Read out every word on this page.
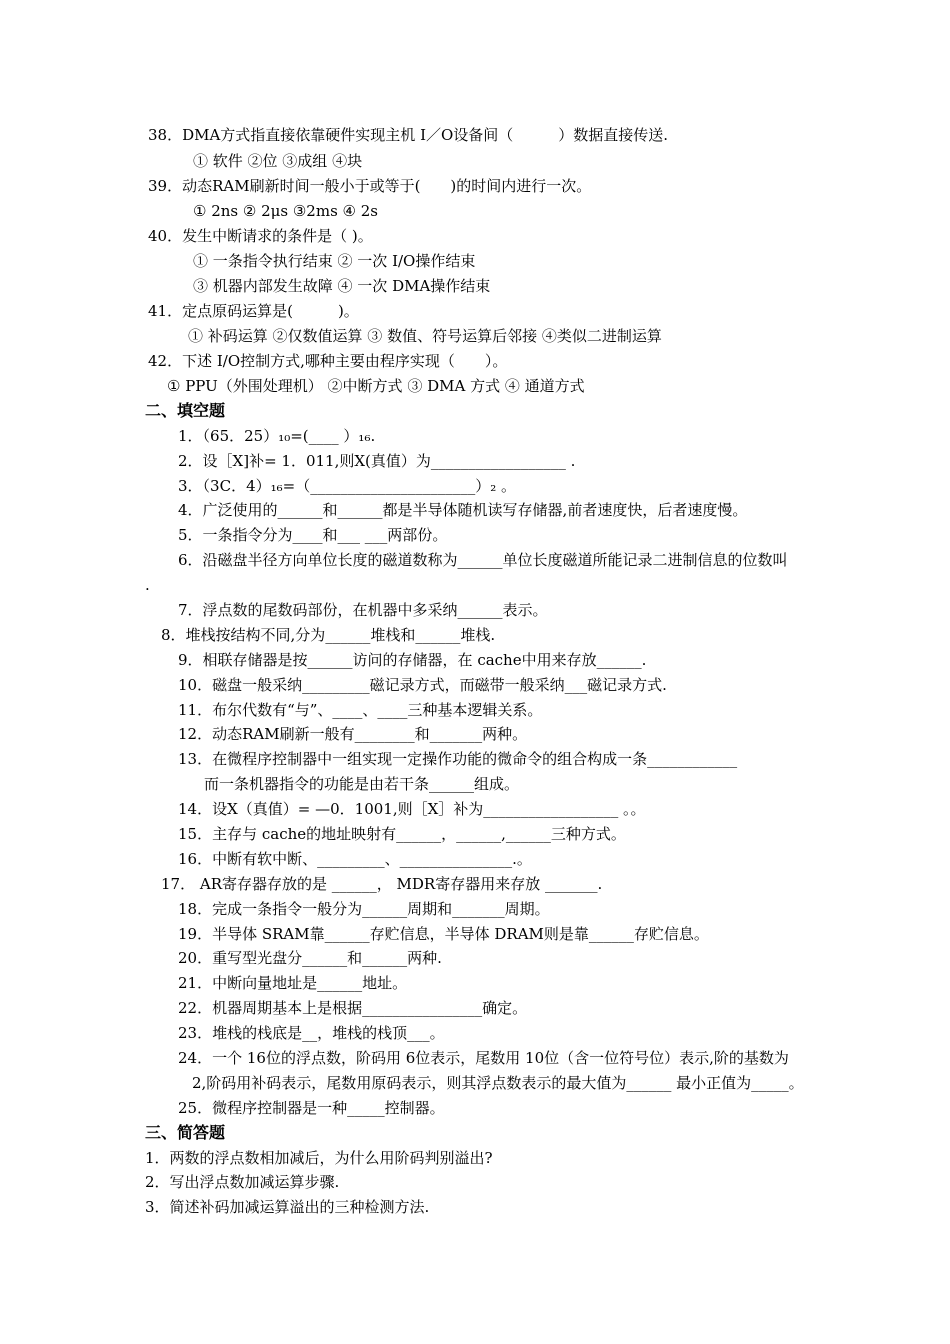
38．DMA方式指直接依靠硬件实现主机 I／O设备间（　　　）数据直接传送.
① 软件 ②位 ③成组 ④块
39．动态RAM刷新时间一般小于或等于(　　)的时间内进行一次。
① 2ns ② 2μs ③2ms ④ 2s
40．发生中断请求的条件是（ )。
① 一条指令执行结束 ② 一次 I/O操作结束
③ 机器内部发生故障 ④ 一次 DMA操作结束
41．定点原码运算是(　　　)。
① 补码运算 ②仅数值运算 ③ 数值、符号运算后邻接 ④类似二进制运算
42．下述 I/O控制方式,哪种主要由程序实现（　　）。
① PPU（外围处理机） ②中断方式 ③ DMA 方式 ④ 通道方式
二、填空题
1．（65．25）₁₀=(____ ）₁₆.
2．设［X]补= 1．011,则X(真值）为__________________ .
3．（3C．4）₁₆=（______________________）₂ 。
4．广泛使用的______和______都是半导体随机读写存储器,前者速度快，后者速度慢。
5．一条指令分为____和___ ___两部份。
6．沿磁盘半径方向单位长度的磁道数称为______单位长度磁道所能记录二进制信息的位数叫
.
7．浮点数的尾数码部份，在机器中多采纳______表示。
8．堆栈按结构不同,分为______堆栈和______堆栈.
9．相联存储器是按______访问的存储器，在 cache中用来存放______.
10．磁盘一般采纳_________磁记录方式，而磁带一般采纳___磁记录方式.
11．布尔代数有“与”、____、____三种基本逻辑关系。
12．动态RAM刷新一般有________和_______两种。
13．在微程序控制器中一组实现一定操作功能的微命令的组合构成一条____________
而一条机器指令的功能是由若干条______组成。
14．设X（真值）= —0．1001,则［X］补为__________________ 。。
15．主存与 cache的地址映射有______，______,______三种方式。
16．中断有软中断、_________、_______________.。
17． AR寄存器存放的是 ______， MDR寄存器用来存放 _______.
18．完成一条指令一般分为______周期和_______周期。
19．半导体 SRAM靠______存贮信息，半导体 DRAM则是靠______存贮信息。
20．重写型光盘分______和______两种.
21．中断向量地址是______地址。
22．机器周期基本上是根据________________确定。
23．堆栈的栈底是__，堆栈的栈顶___。
24．一个 16位的浮点数，阶码用 6位表示，尾数用 10位（含一位符号位）表示,阶的基数为
2,阶码用补码表示，尾数用原码表示，则其浮点数表示的最大值为______ 最小正值为_____。
25．微程序控制器是一种_____控制器。
三、简答题
1．两数的浮点数相加减后，为什么用阶码判别溢出?
2．写出浮点数加减运算步骤.
3．简述补码加减运算溢出的三种检测方法.
